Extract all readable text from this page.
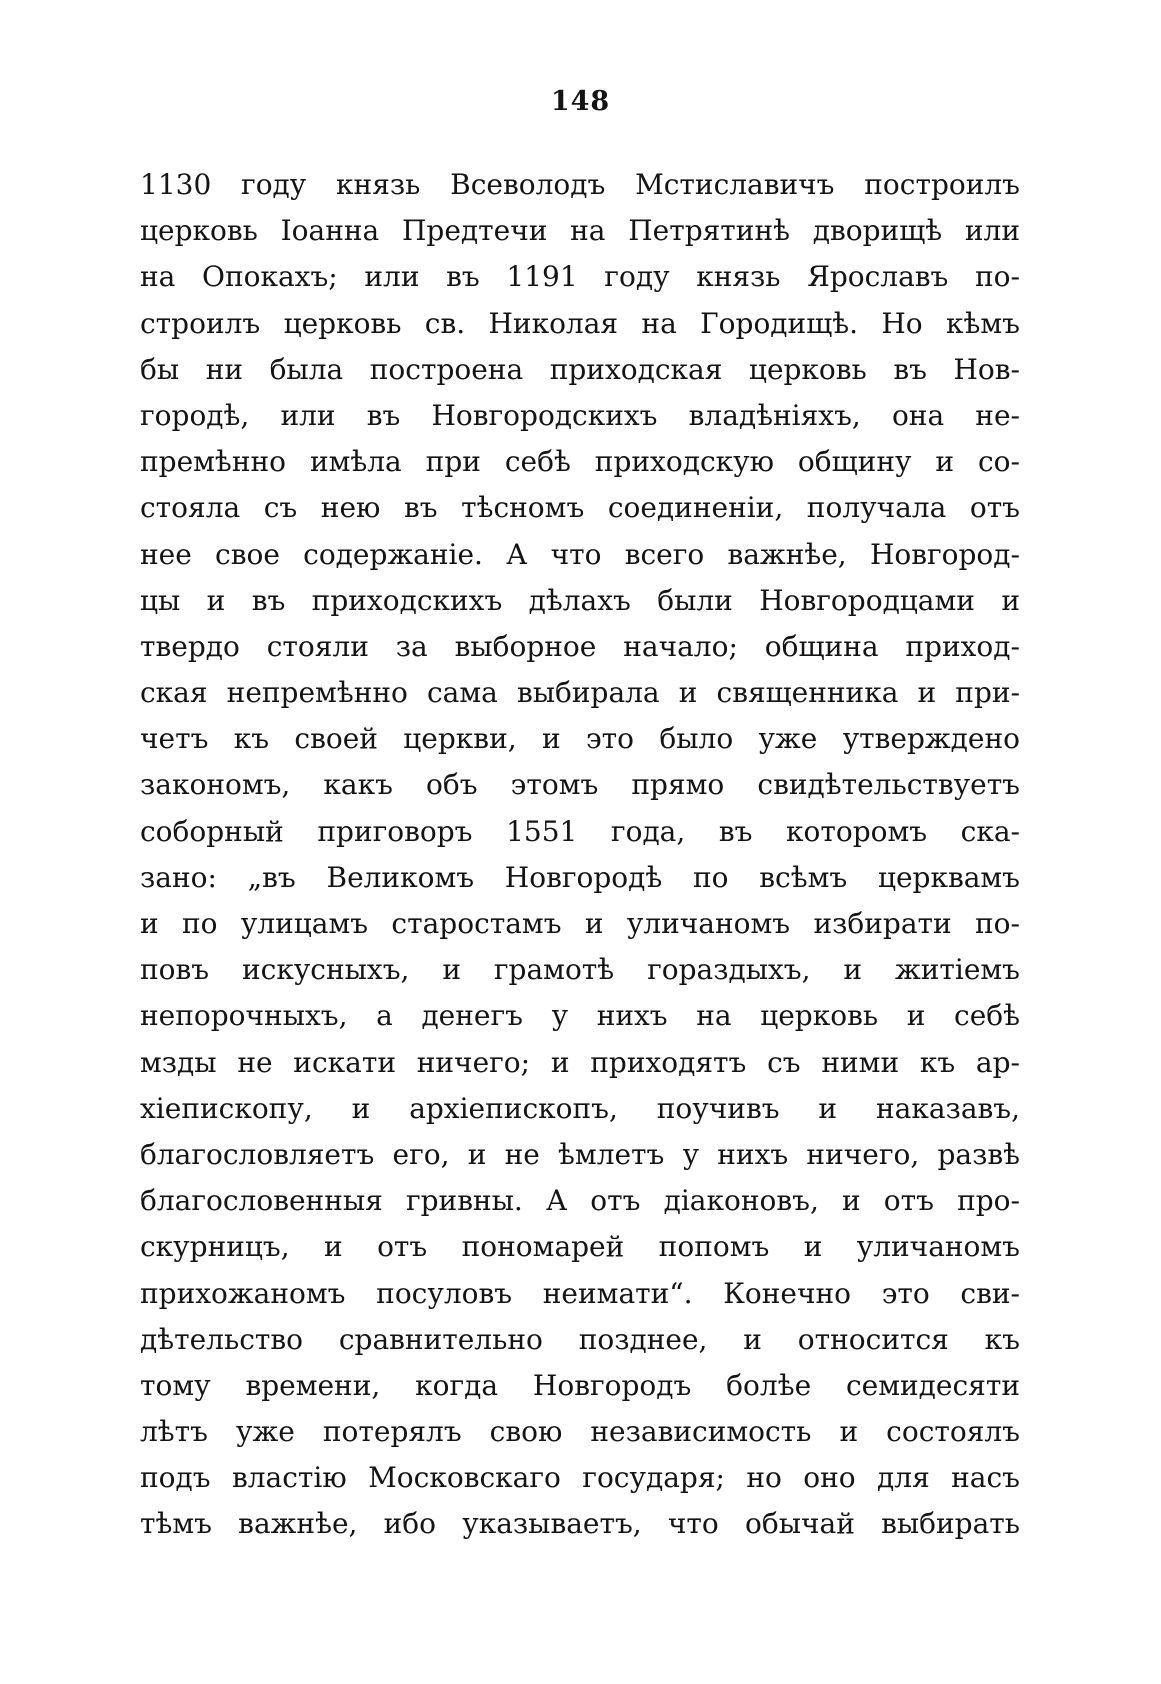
148
1130 году князь Всеволодъ Мстиславичъ построилъ
церковь Іоанна Предтечи на Петрятинѣ дворищѣ или
на Опокахъ; или въ 1191 году князь Ярославъ по-
строилъ церковь св. Николая на Городищѣ. Но кѣмъ
бы ни была построена приходская церковь въ Нов-
городѣ, или въ Новгородскихъ владѣніяхъ, она не-
премѣнно имѣла при себѣ приходскую общину и со-
стояла съ нею въ тѣсномъ соединеніи, получала отъ
нее свое содержаніе. А что всего важнѣе, Новгород-
цы и въ приходскихъ дѣлахъ были Новгородцами и
твердо стояли за выборное начало; община приход-
ская непремѣнно сама выбирала и священника и при-
четъ къ своей церкви, и это было уже утверждено
закономъ, какъ объ этомъ прямо свидѣтельствуетъ
соборный приговоръ 1551 года, въ которомъ ска-
зано: „въ Великомъ Новгородѣ по всѣмъ церквамъ
и по улицамъ старостамъ и уличаномъ избирати по-
повъ искусныхъ, и грамотѣ гораздыхъ, и житіемъ
непорочныхъ, а денегъ у нихъ на церковь и себѣ
мзды не искати ничего; и приходятъ съ ними къ ар-
хіепископу, и архіепископъ, поучивъ и наказавъ,
благословляетъ его, и не ѣмлетъ у нихъ ничего, развѣ
благословенныя гривны. А отъ діаконовъ, и отъ про-
скурницъ, и отъ пономарей попомъ и уличаномъ
прихожаномъ посуловъ неимати“. Конечно это сви-
дѣтельство сравнительно позднее, и относится къ
тому времени, когда Новгородъ болѣе семидесяти
лѣтъ уже потерялъ свою независимость и состоялъ
подъ властію Московскаго государя; но оно для насъ
тѣмъ важнѣе, ибо указываетъ, что обычай выбирать
